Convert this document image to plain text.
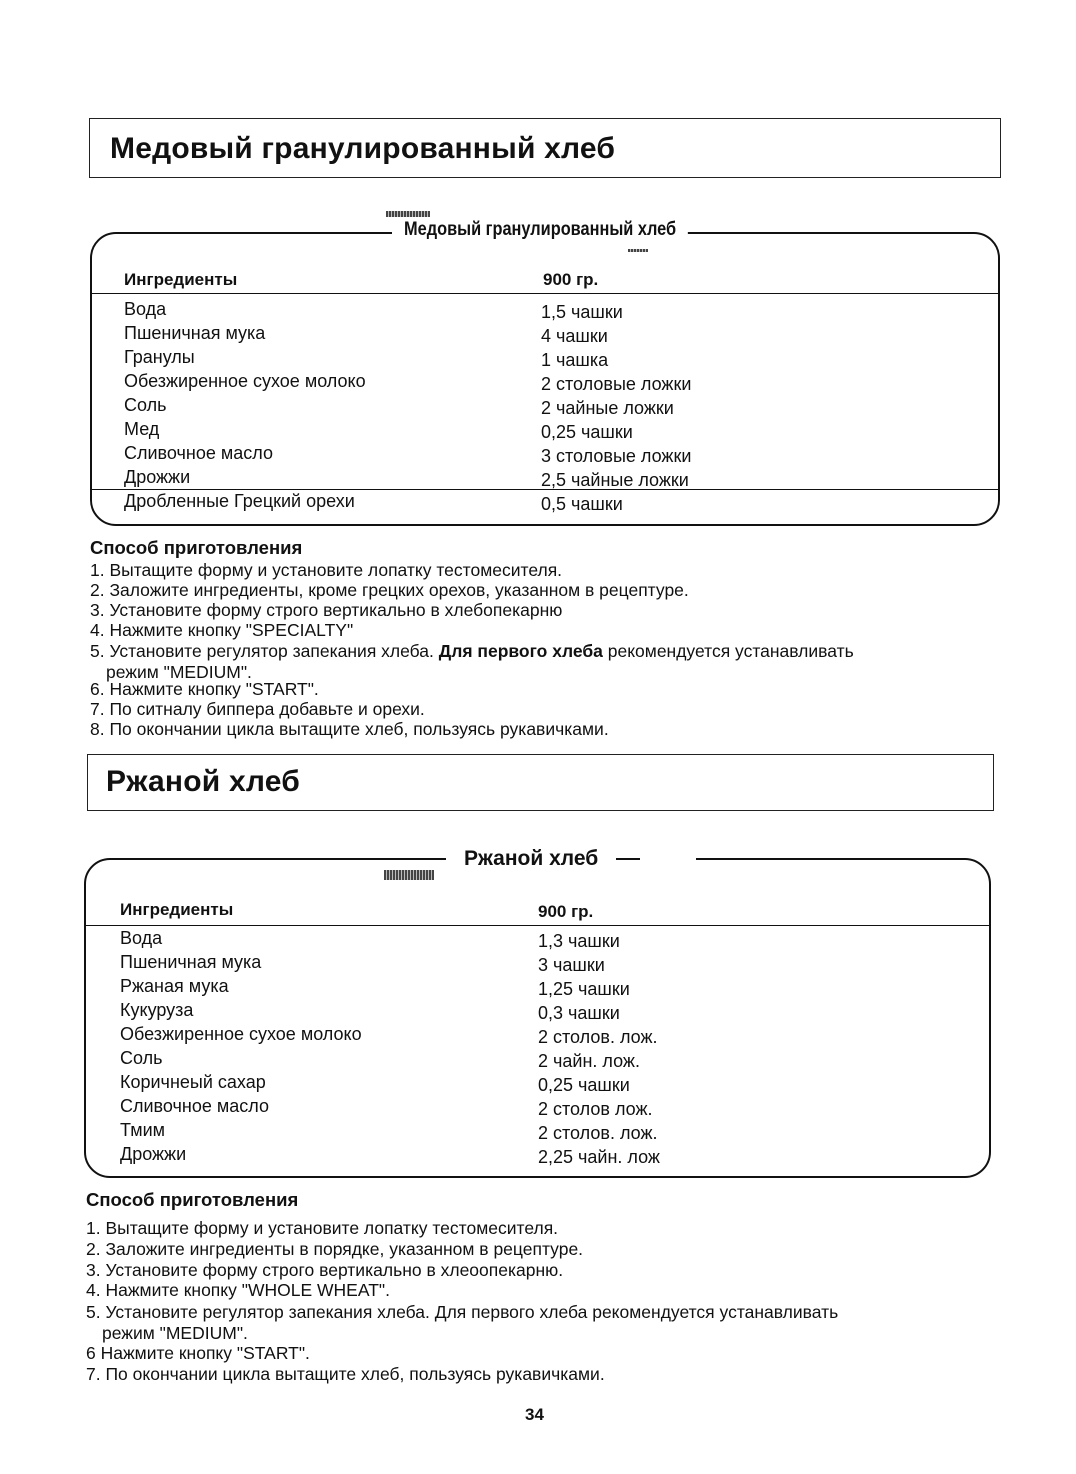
Медовый гранулированный хлеб
Медовый гранулированный хлеб
Ингредиенты	900 гр.
Вода	1,5 чашки
Пшеничная мука	4 чашки
Гранулы	1 чашка
Обезжиренное сухое молоко	2 столовые ложки
Соль	2 чайные ложки
Мед	0,25 чашки
Сливочное масло	3 столовые ложки
Дрожжи	2,5 чайные ложки
Дробленные Грецкий орехи	0,5 чашки
Способ приготовления
1. Вытащите форму и установите лопатку тестомесителя.
2. Заложите ингредиенты, кроме грецких орехов, указанном в рецептуре.
3. Установите форму строго вертикально в хлебопекарню
4. Нажмите кнопку "SPECIALTY"
5. Установите регулятор запекания хлеба. Для первого хлеба рекомендуется устанавливать
режим "MEDIUM".
6. Нажмите кнопку "START".
7. По ситналу биппера добавьте и орехи.
8. По окончании цикла вытащите хлеб, пользуясь рукавичками.
Ржаной хлеб
Ржаной хлеб
Ингредиенты	900 гр.
Вода	1,3 чашки
Пшеничная мука	3 чашки
Ржаная мука	1,25 чашки
Кукуруза	0,3 чашки
Обезжиренное сухое молоко	2 столов. лож.
Соль	2 чайн. лож.
Коричнеый сахар	0,25 чашки
Сливочное масло	2 столов лож.
Тмим	2 столов. лож.
Дрожжи	2,25 чайн. лож
Способ приготовления
1. Вытащите форму и установите лопатку тестомесителя.
2. Заложите ингредиенты в порядке, указанном в рецептуре.
3. Установите форму строго вертикально в хлеоопекарню.
4. Нажмите кнопку "WHOLE WHEAT".
5. Установите регулятор запекания хлеба. Для первого хлеба рекомендуется устанавливать
режим "MEDIUM".
6 Нажмите кнопку "START".
7. По окончании цикла вытащите хлеб, пользуясь рукавичками.
34
